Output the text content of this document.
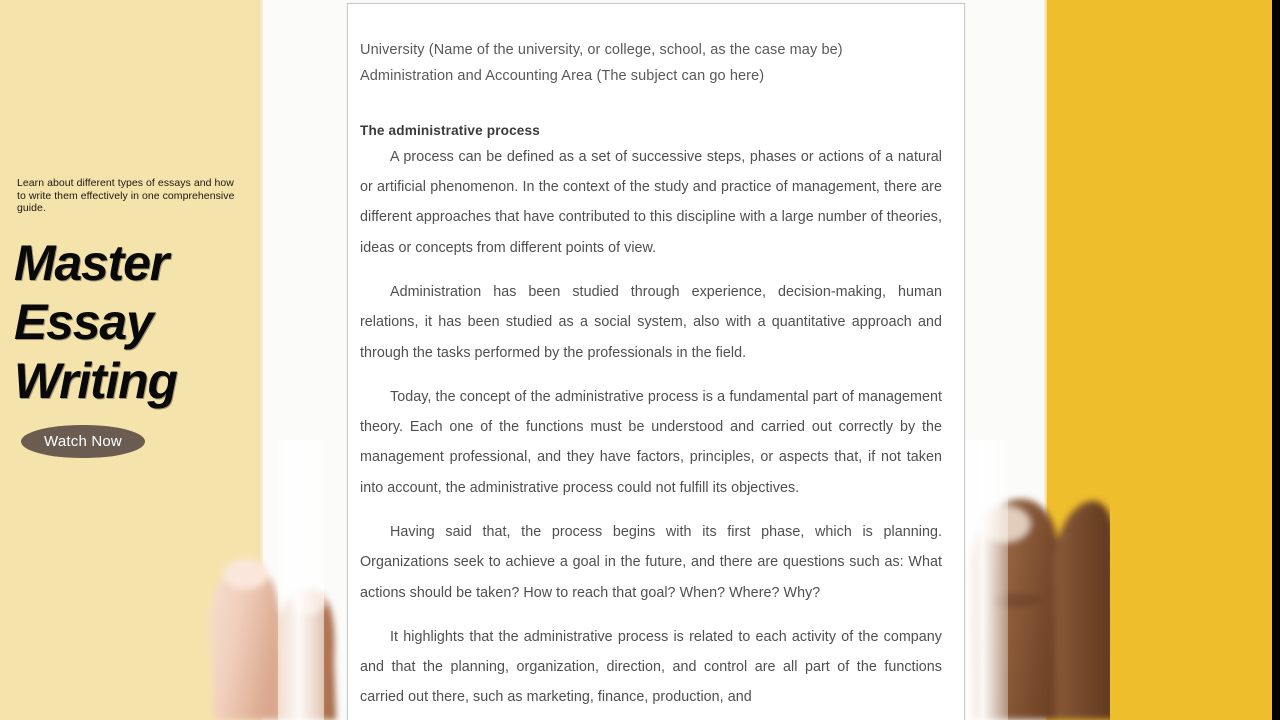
Learn about different types of essays and how to write them effectively in one comprehensive guide.
Master
Essay
Writing
Watch Now
University (Name of the university, or college, school, as the case may be)
Administration and Accounting Area (The subject can go here)
The administrative process

A process can be defined as a set of successive steps, phases or actions of a natural or artificial phenomenon. In the context of the study and practice of management, there are different approaches that have contributed to this discipline with a large number of theories, ideas or concepts from different points of view.

Administration has been studied through experience, decision-making, human relations, it has been studied as a social system, also with a quantitative approach and through the tasks performed by the professionals in the field.

Today, the concept of the administrative process is a fundamental part of management theory. Each one of the functions must be understood and carried out correctly by the management professional, and they have factors, principles, or aspects that, if not taken into account, the administrative process could not fulfill its objectives.

Having said that, the process begins with its first phase, which is planning. Organizations seek to achieve a goal in the future, and there are questions such as: What actions should be taken? How to reach that goal? When? Where? Why?

It highlights that the administrative process is related to each activity of the company and that the planning, organization, direction, and control are all part of the functions carried out there, such as marketing, finance, production, and
